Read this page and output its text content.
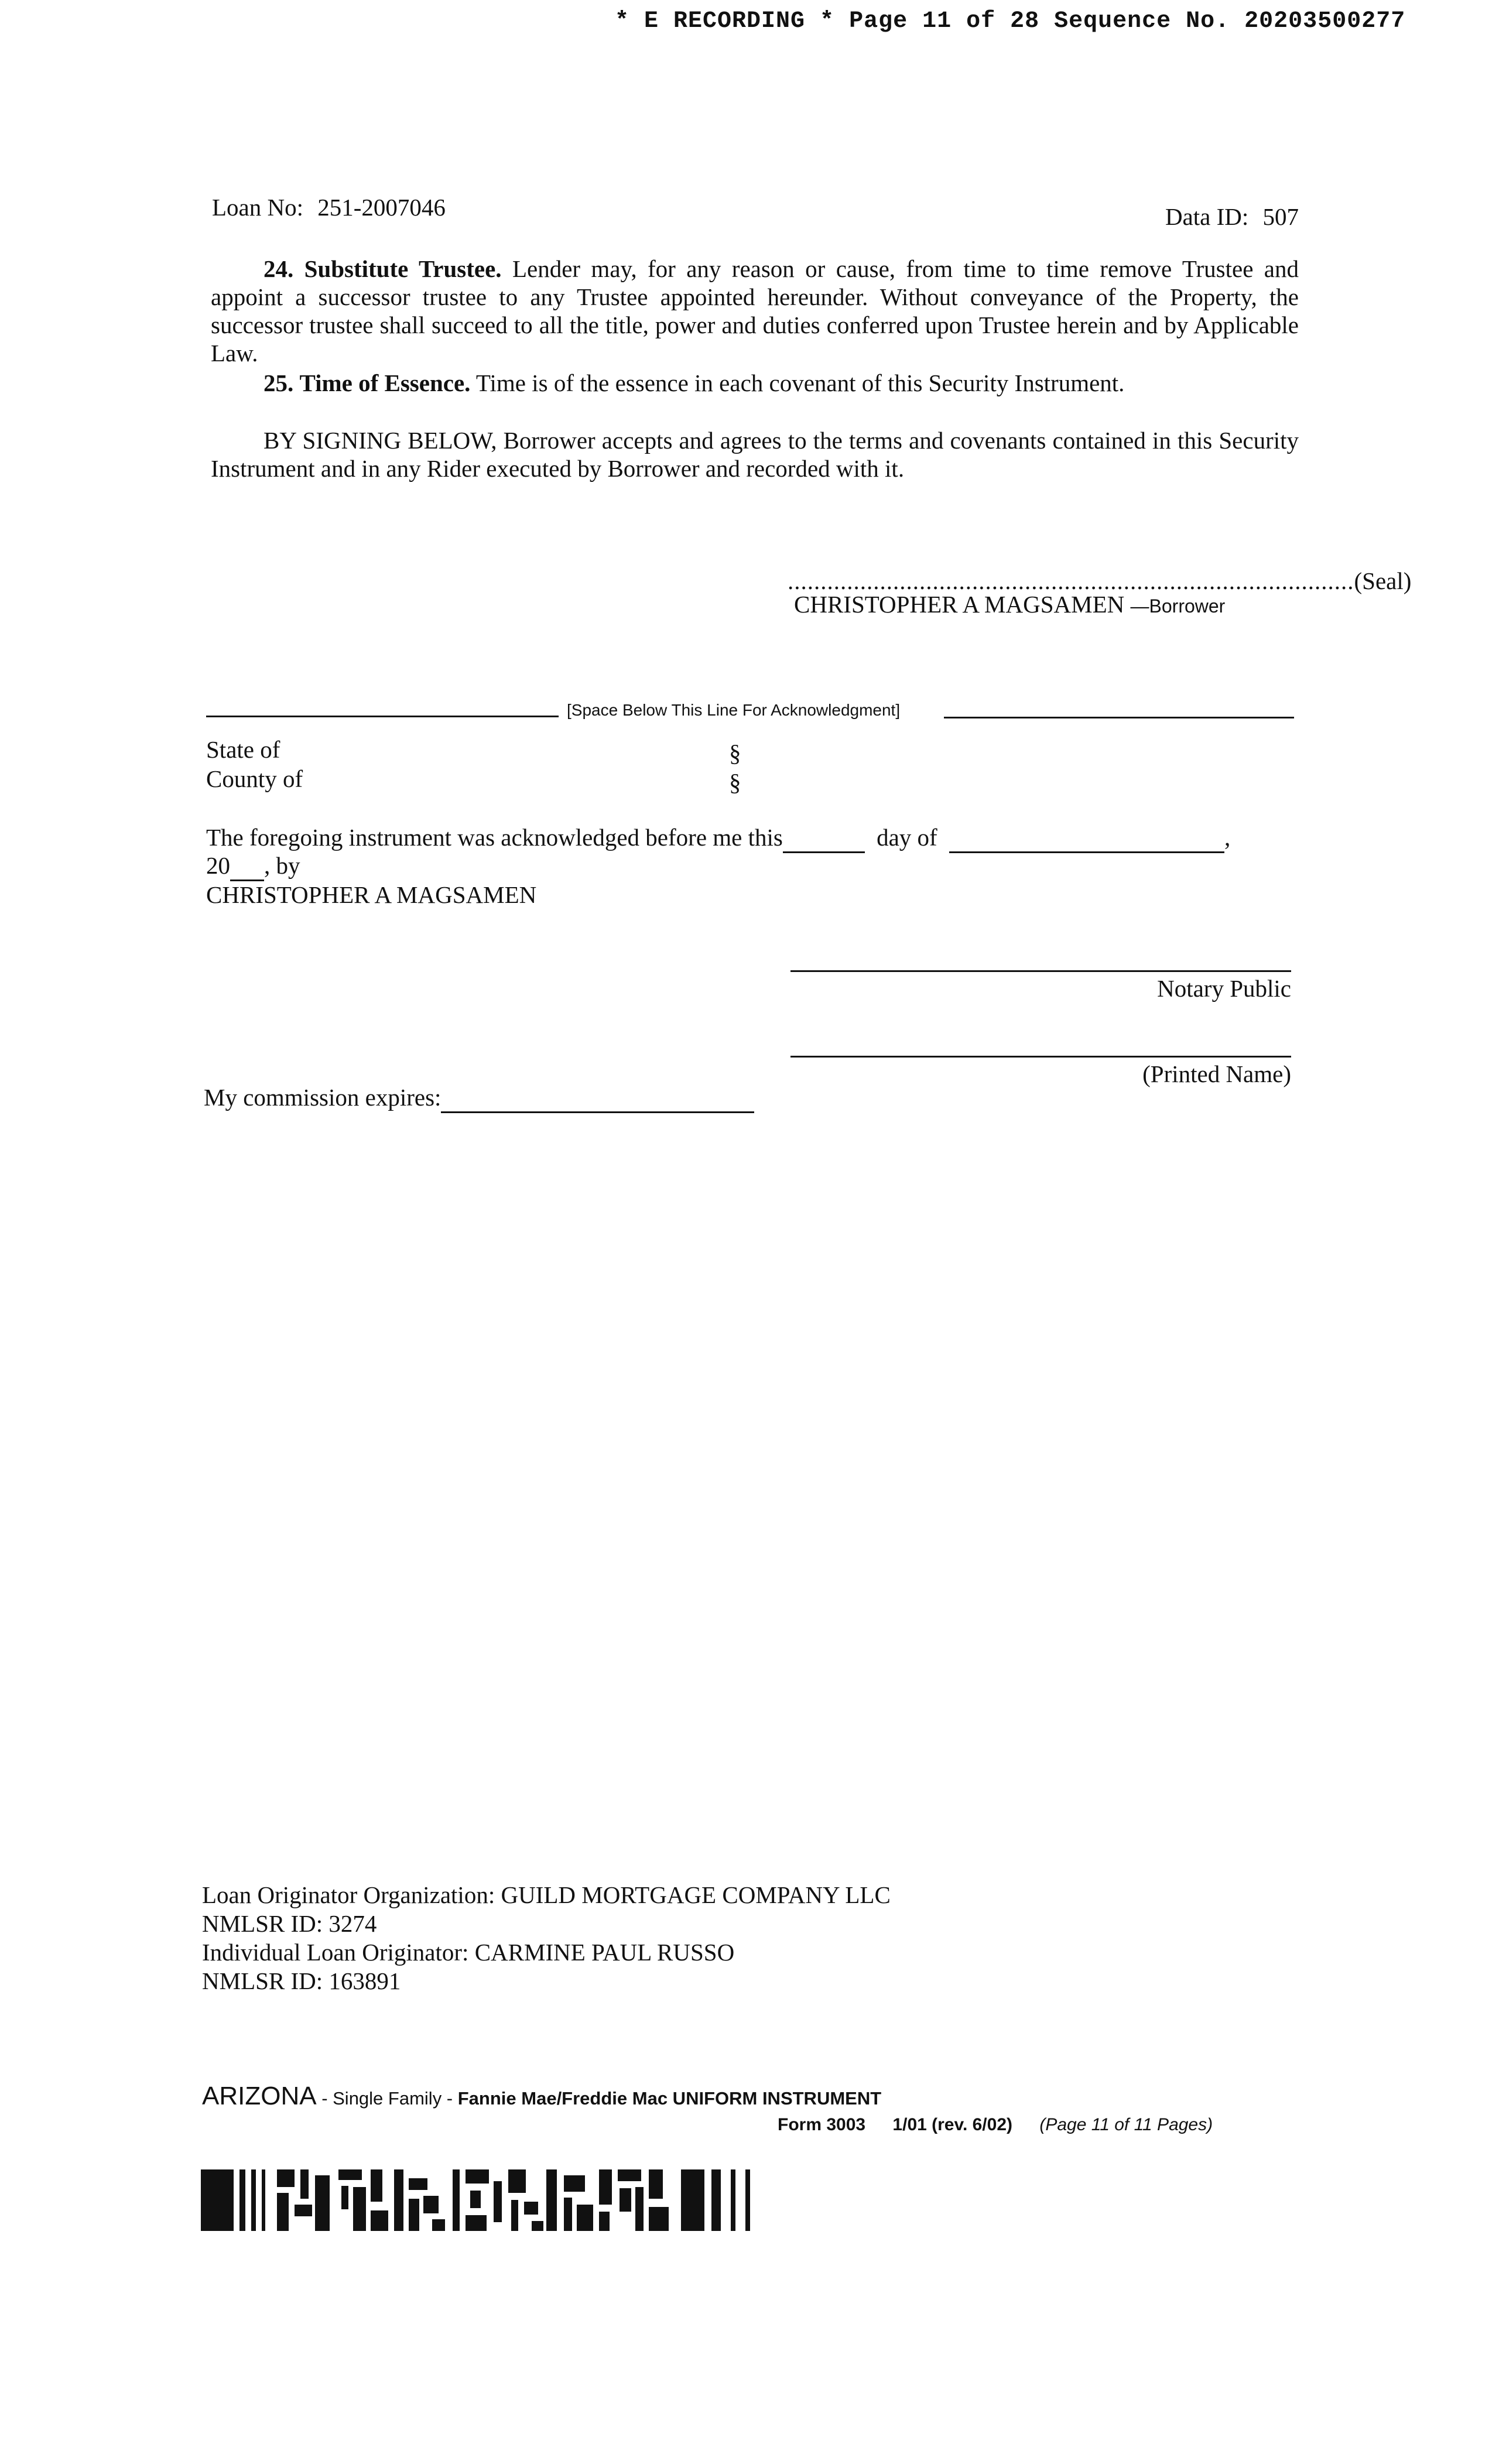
* E RECORDING * Page 11 of 28 Sequence No. 20203500277
Loan No: 251-2007046	Data ID: 507
24. Substitute Trustee. Lender may, for any reason or cause, from time to time remove Trustee and appoint a successor trustee to any Trustee appointed hereunder. Without conveyance of the Property, the successor trustee shall succeed to all the title, power and duties conferred upon Trustee herein and by Applicable Law.
25. Time of Essence. Time is of the essence in each covenant of this Security Instrument.
BY SIGNING BELOW, Borrower accepts and agrees to the terms and covenants contained in this Security Instrument and in any Rider executed by Borrower and recorded with it.
......................................................................................(Seal)
CHRISTOPHER A MAGSAMEN —Borrower
[Space Below This Line For Acknowledgment]
State of	§
County of	§
The foregoing instrument was acknowledged before me this	day of	,
20 , by
CHRISTOPHER A MAGSAMEN
Notary Public
(Printed Name)
My commission expires:
Loan Originator Organization: GUILD MORTGAGE COMPANY LLC
NMLSR ID: 3274
Individual Loan Originator: CARMINE PAUL RUSSO
NMLSR ID: 163891
ARIZONA - Single Family - Fannie Mae/Freddie Mac UNIFORM INSTRUMENT
Form 3003 1/01 (rev. 6/02) (Page 11 of 11 Pages)
